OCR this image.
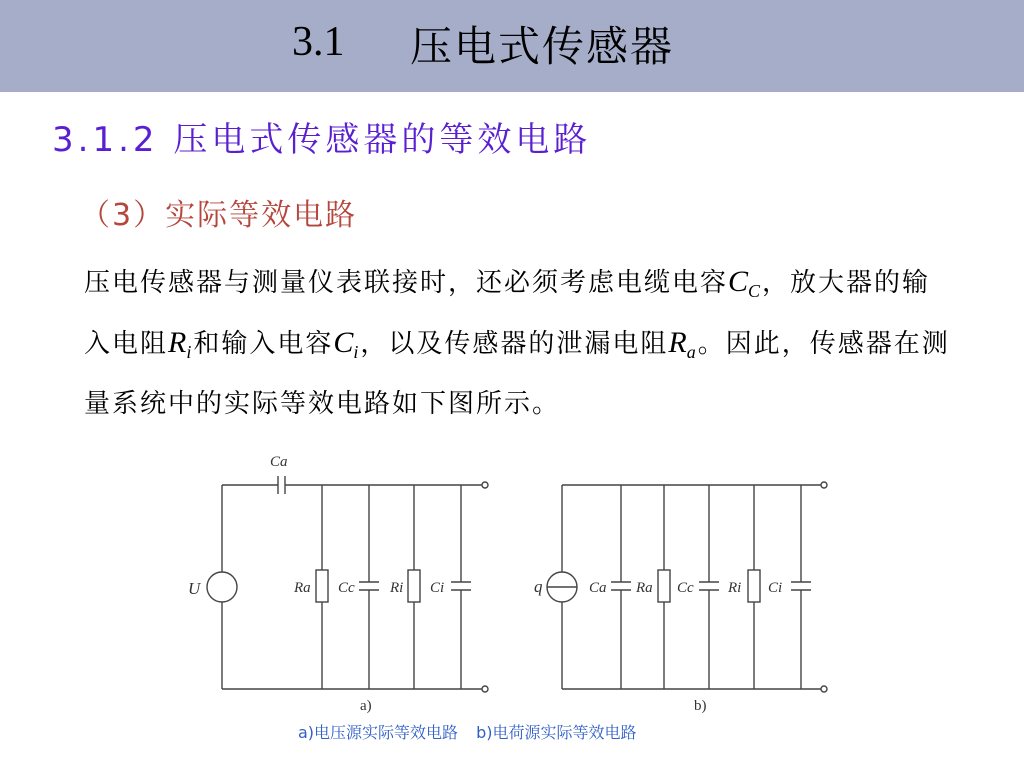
3.1 压电式传感器
3.1.2 压电式传感器的等效电路
（3）实际等效电路
压电传感器与测量仪表联接时，还必须考虑电缆电容$C_C$，放大器的输入电阻$R_i$和输入电容$C_i$，以及传感器的泄漏电阻$R_a$。因此，传感器在测量系统中的实际等效电路如下图所示。
Ca
U	Ra Cc Ri Ci
a)
q	Ca Ra Cc Ri Ci
b)
a)电压源实际等效电路 b)电荷源实际等效电路
